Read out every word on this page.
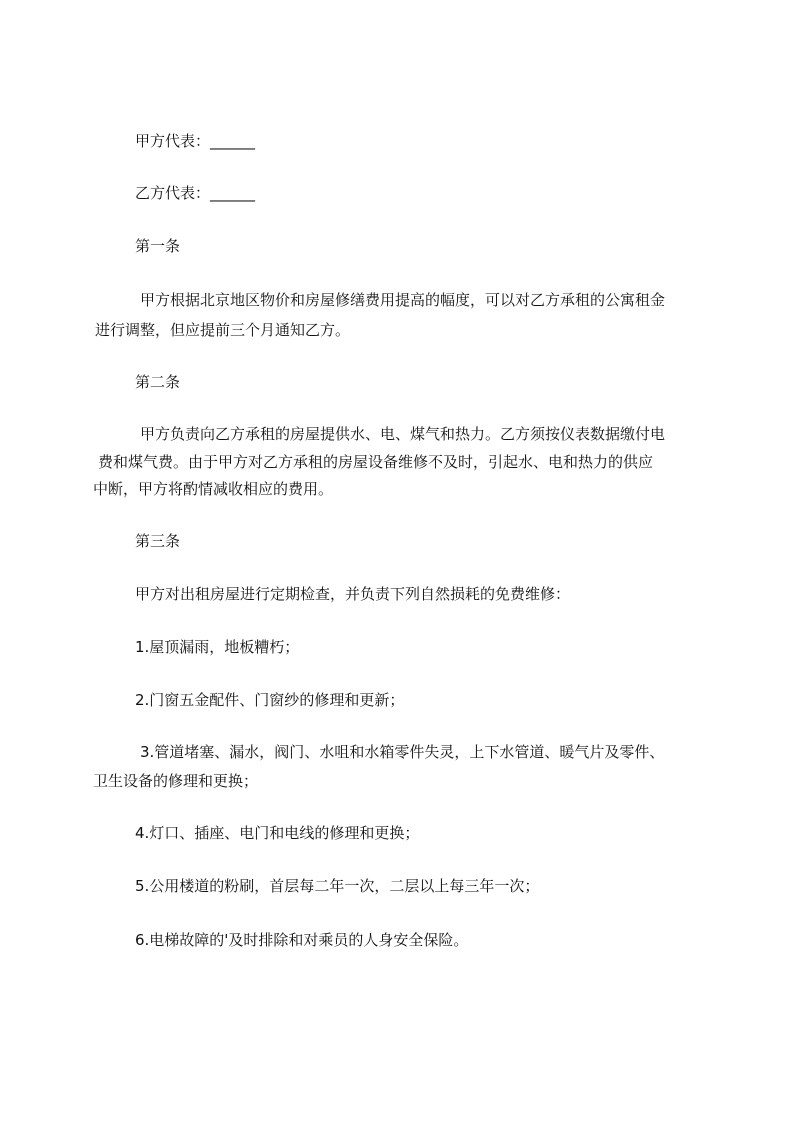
甲方代表：______

乙方代表：______

第一条

甲方根据北京地区物价和房屋修缮费用提高的幅度，可以对乙方承租的公寓租金
进行调整，但应提前三个月通知乙方。

第二条

甲方负责向乙方承租的房屋提供水、电、煤气和热力。乙方须按仪表数据缴付电
费和煤气费。由于甲方对乙方承租的房屋设备维修不及时，引起水、电和热力的供应
中断，甲方将酌情减收相应的费用。

第三条

甲方对出租房屋进行定期检查，并负责下列自然损耗的免费维修：

1.屋顶漏雨，地板糟朽；

2.门窗五金配件、门窗纱的修理和更新；

3.管道堵塞、漏水，阀门、水咀和水箱零件失灵，上下水管道、暖气片及零件、
卫生设备的修理和更换；

4.灯口、插座、电门和电线的修理和更换；

5.公用楼道的粉刷，首层每二年一次，二层以上每三年一次；

6.电梯故障的'及时排除和对乘员的人身安全保险。
